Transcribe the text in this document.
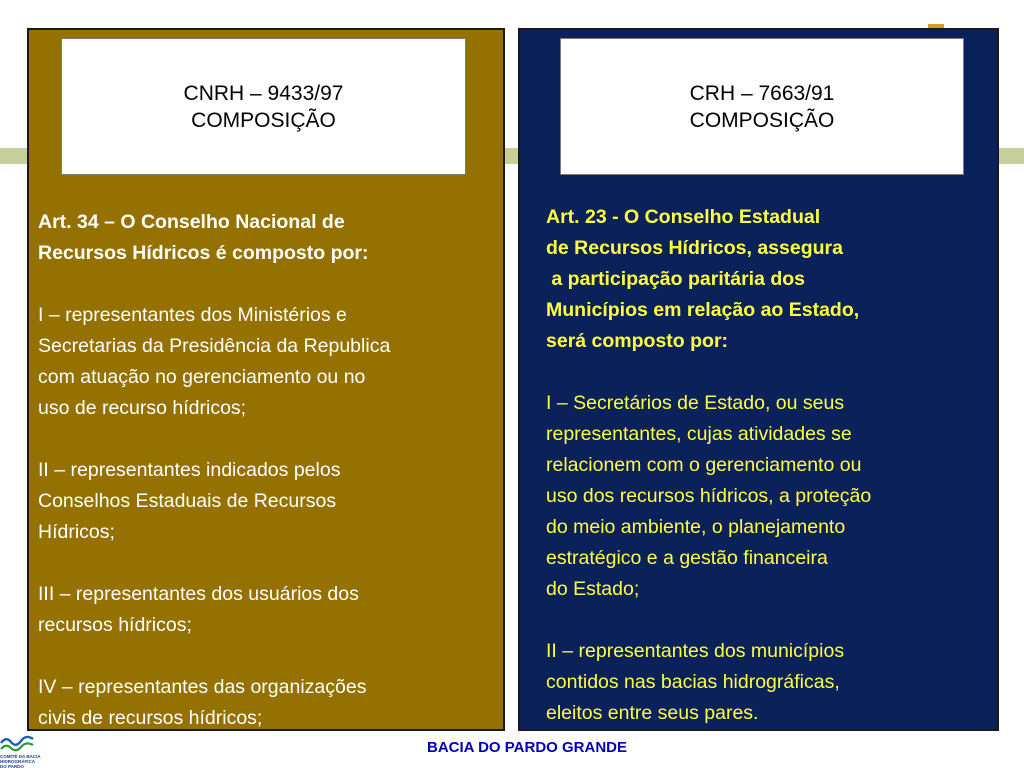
CNRH – 9433/97
COMPOSIÇÃO
Art. 34 – O Conselho Nacional de
Recursos Hídricos é composto por:
I – representantes dos Ministérios e
Secretarias da Presidência da Republica
com atuação no gerenciamento ou no
uso de recurso hídricos;
II – representantes indicados pelos
Conselhos Estaduais de Recursos
Hídricos;
III – representantes dos usuários dos
recursos hídricos;
IV – representantes das organizações
civis de recursos hídricos;
CRH – 7663/91
COMPOSIÇÃO
Art. 23 - O Conselho Estadual
de Recursos Hídricos, assegura
a participação paritária dos
Municípios em relação ao Estado,
será composto por:
I – Secretários de Estado, ou seus
representantes, cujas atividades se
relacionem com o gerenciamento ou
uso dos recursos hídricos, a proteção
do meio ambiente, o planejamento
estratégico e a gestão financeira
do Estado;
II – representantes dos municípios
contidos nas bacias hidrográficas,
eleitos entre seus pares.
COMITÊ DA BACIA
HIDROGRÁFICA
DO PARDO
BACIA DO PARDO GRANDE
